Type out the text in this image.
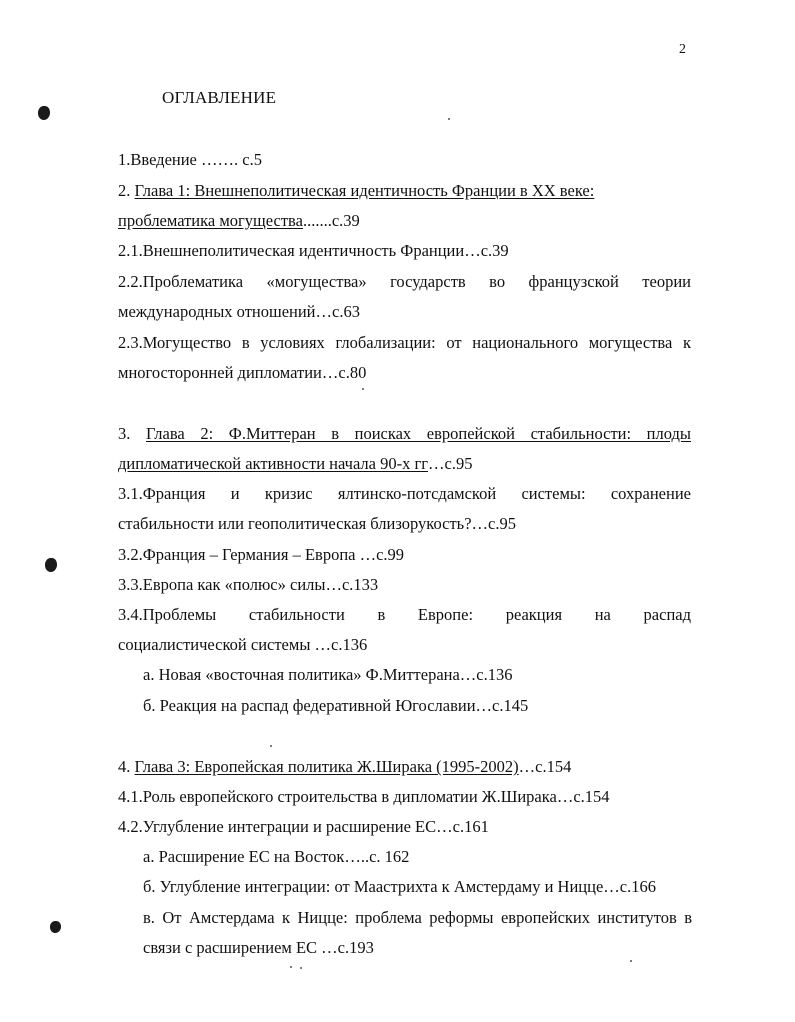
2
ОГЛАВЛЕНИЕ
1.Введение ……. с.5
2. Глава 1: Внешнеполитическая идентичность Франции в XX веке:
проблематика могущества.......с.39
2.1.Внешнеполитическая идентичность Франции…с.39
2.2.Проблематика «могущества» государств во французской теории
международных отношений…с.63
2.3.Могущество в условиях глобализации: от национального могущества к
многосторонней дипломатии…с.80
3. Глава 2: Ф.Миттеран в поисках европейской стабильности: плоды
дипломатической активности начала 90-х гг…с.95
3.1.Франция и кризис ялтинско-потсдамской системы: сохранение
стабильности или геополитическая близорукость?…с.95
3.2.Франция – Германия – Европа …с.99
3.3.Европа как «полюс» силы…с.133
3.4.Проблемы стабильности в Европе: реакция на распад
социалистической системы …с.136
а. Новая «восточная политика» Ф.Миттерана…с.136
б. Реакция на распад федеративной Югославии…с.145
4. Глава 3: Европейская политика Ж.Ширака (1995-2002)…с.154
4.1.Роль европейского строительства в дипломатии Ж.Ширака…с.154
4.2.Углубление интеграции и расширение ЕС…с.161
а. Расширение ЕС на Восток…..с. 162
б. Углубление интеграции: от Маастрихта к Амстердаму и Ницце…с.166
в. От Амстердама к Ницце: проблема реформы европейских институтов в
связи с расширением ЕС …с.193
